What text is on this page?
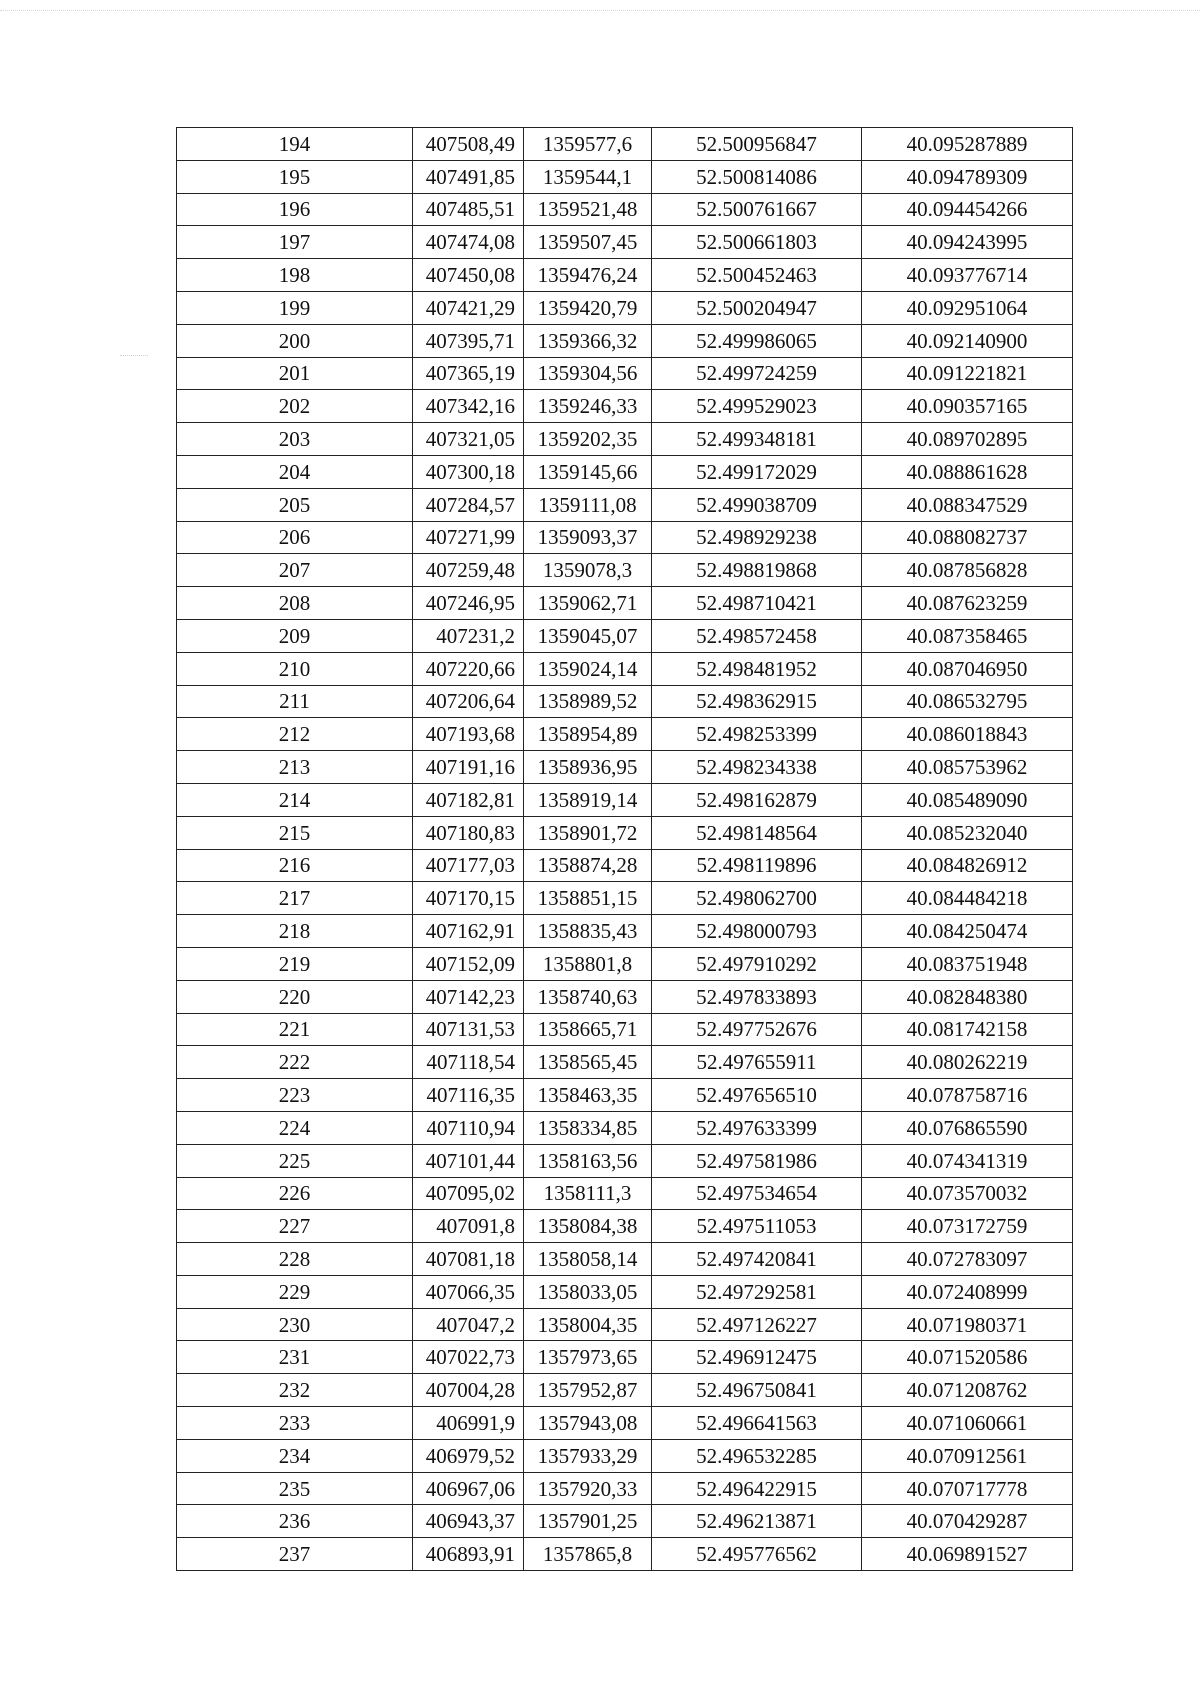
194	407508,49	1359577,6	52.500956847	40.095287889
195	407491,85	1359544,1	52.500814086	40.094789309
196	407485,51	1359521,48	52.500761667	40.094454266
197	407474,08	1359507,45	52.500661803	40.094243995
198	407450,08	1359476,24	52.500452463	40.093776714
199	407421,29	1359420,79	52.500204947	40.092951064
200	407395,71	1359366,32	52.499986065	40.092140900
201	407365,19	1359304,56	52.499724259	40.091221821
202	407342,16	1359246,33	52.499529023	40.090357165
203	407321,05	1359202,35	52.499348181	40.089702895
204	407300,18	1359145,66	52.499172029	40.088861628
205	407284,57	1359111,08	52.499038709	40.088347529
206	407271,99	1359093,37	52.498929238	40.088082737
207	407259,48	1359078,3	52.498819868	40.087856828
208	407246,95	1359062,71	52.498710421	40.087623259
209	407231,2	1359045,07	52.498572458	40.087358465
210	407220,66	1359024,14	52.498481952	40.087046950
211	407206,64	1358989,52	52.498362915	40.086532795
212	407193,68	1358954,89	52.498253399	40.086018843
213	407191,16	1358936,95	52.498234338	40.085753962
214	407182,81	1358919,14	52.498162879	40.085489090
215	407180,83	1358901,72	52.498148564	40.085232040
216	407177,03	1358874,28	52.498119896	40.084826912
217	407170,15	1358851,15	52.498062700	40.084484218
218	407162,91	1358835,43	52.498000793	40.084250474
219	407152,09	1358801,8	52.497910292	40.083751948
220	407142,23	1358740,63	52.497833893	40.082848380
221	407131,53	1358665,71	52.497752676	40.081742158
222	407118,54	1358565,45	52.497655911	40.080262219
223	407116,35	1358463,35	52.497656510	40.078758716
224	407110,94	1358334,85	52.497633399	40.076865590
225	407101,44	1358163,56	52.497581986	40.074341319
226	407095,02	1358111,3	52.497534654	40.073570032
227	407091,8	1358084,38	52.497511053	40.073172759
228	407081,18	1358058,14	52.497420841	40.072783097
229	407066,35	1358033,05	52.497292581	40.072408999
230	407047,2	1358004,35	52.497126227	40.071980371
231	407022,73	1357973,65	52.496912475	40.071520586
232	407004,28	1357952,87	52.496750841	40.071208762
233	406991,9	1357943,08	52.496641563	40.071060661
234	406979,52	1357933,29	52.496532285	40.070912561
235	406967,06	1357920,33	52.496422915	40.070717778
236	406943,37	1357901,25	52.496213871	40.070429287
237	406893,91	1357865,8	52.495776562	40.069891527
